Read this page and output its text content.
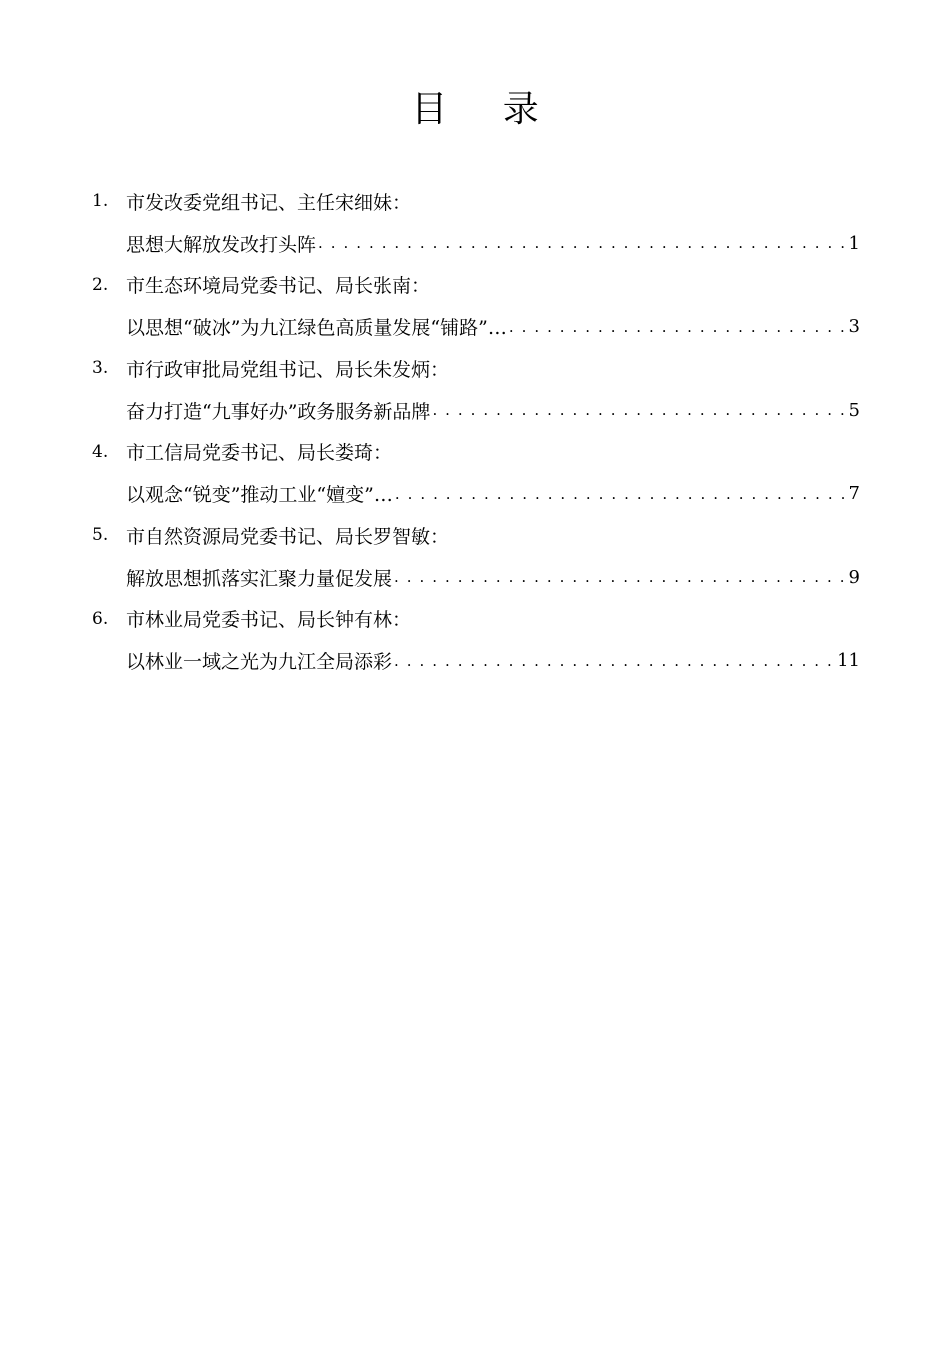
目 录
1. 市发改委党组书记、主任宋细妹：
思想大解放发改打头阵 . . .	1
2. 市生态环境局党委书记、局长张南：
以思想“破冰”为九江绿色高质量发展“铺路”… . . .	3
3. 市行政审批局党组书记、局长朱发炳：
奋力打造“九事好办”政务服务新品牌 . . .	5
4. 市工信局党委书记、局长娄琦：
以观念“锐变”推动工业“嬗变”… . . .	7
5. 市自然资源局党委书记、局长罗智敏：
解放思想抓落实汇聚力量促发展 . . .	9
6. 市林业局党委书记、局长钟有林：
以林业一域之光为九江全局添彩 . . .	11
